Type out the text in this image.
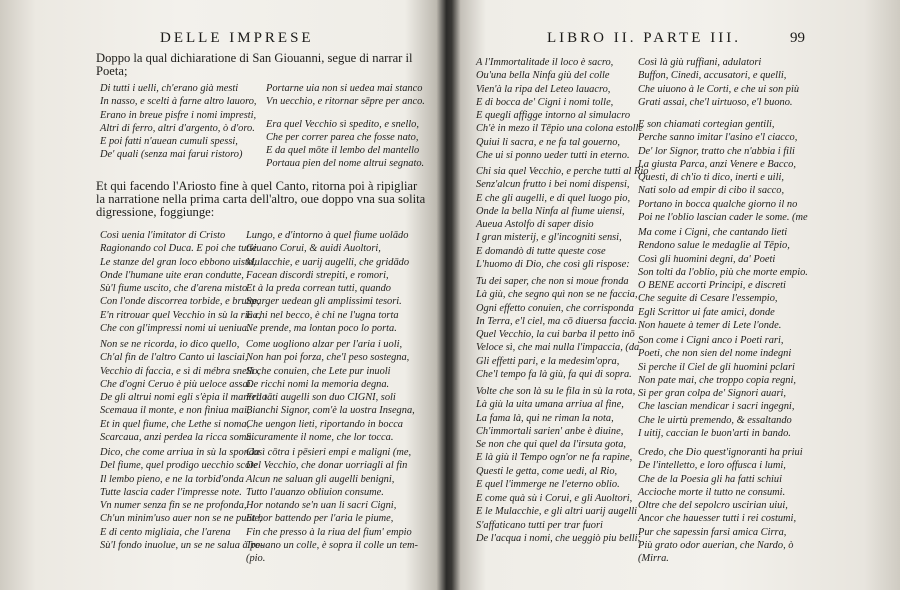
DELLE IMPRESE
Doppo la qual dichiaratione di San Giouanni, segue di narrar il Poeta;
Di tutti i uelli, ch'erano già mesti
In nasso, e scelti à farne altro lauoro,
Erano in breue pisfre i nomi impresti,
Altri di ferro, altri d'argento, ò d'oro.
E poi fatti n'auean cumuli spessi,
De' quali (senza mai farui ristoro)
Portarne uia non si uedea mai stanco
Vn uecchio, e ritornar sēpre per anco.
Era quel Vecchio sì spedito, e snello,
Che per correr parea che fosse nato,
E da quel mōte il lembo del mantello
Portaua pien del nome altrui segnato.
Et qui facendo l'Ariosto fine à quel Canto, ritorna poi à ripigliar la narratione nella prima carta dell'altro, oue doppo vna sua solita digressione, foggiunge:
Così uenia l'imitator di Cristo
Ragionando col Duca. E poi che tutte
Le stanze del gran loco ebbono uisto,
Onde l'humane uite eran condutte,
Sù'l fiume uscito, che d'arena misto
Con l'onde discorrea torbide, e brutte,
E'n ritrouar quel Vecchio in sù la riua,
Che con gl'impressi nomi ui ueniua.
Lungo, e d'intorno à quel fiume uolādo
Giuano Corui, & auidi Auoltori,
Mulacchie, e uarij augelli, che gridādo
Facean discordi strepiti, e romori,
Et à la preda correan tutti, quando
Sparger uedean gli amplissimi tesori.
E chi nel becco, è chi ne l'ugna torta
Ne prende, ma lontan poco lo porta.
Non se ne ricorda, io dico quello,
Ch'al fin de l'altro Canto ui lasciai,
Vecchio di faccia, e sì di mébra snello,
Che d'ogni Ceruo è più ueloce assai.
De gli altrui nomi egli s'èpia il mantello
Scemaua il monte, e non finiua mai,
Et in quel fiume, che Lethe si noma,
Scarcaua, anzi perdea la ricca soma.
Come uogliono alzar per l'aria i uoli,
Non han poi forza, che'l peso sostegna,
Sì che conuien, che Lete pur inuoli
De ricchi nomi la memoria degna.
Fra tāti augelli son duo CIGNI, soli
Bianchi Signor, com'è la uostra Insegna,
Che uengon lieti, riportando in bocca
Sicuramente il nome, che lor tocca.
Dico, che come arriua in sù la sponda
Del fiume, quel prodigo uecchio scote
Il lembo pieno, e ne la torbid'onda
Tutte lascia cader l'impresse note.
Vn numer senza fin se ne profonda,
Ch'un minim'uso auer non se ne puote,
E di cento migliaia, che l'arena
Sù'l fondo inuolue, un se ne salua à pe-
Così cōtra i pēsieri empi e maligni (me,
Del Vecchio, che donar uorriagli al fin
Alcun ne saluan gli augelli benigni,
Tutto l'auanzo obliuion consume.
Hor notando se'n uan li sacri Cigni,
Et hor battendo per l'aria le piume,
Fin che presso à la riua del fium' empio
Trouano un colle, è sopra il colle un tem-
(pio.
LIBRO II. PARTE III.	99
A l'Immortalitade il loco è sacro,
Ou'una bella Ninfa giù del colle
Vien'à la ripa del Leteo lauacro,
E di bocca de' Cigni i nomi tolle,
E quegli affigge intorno al simulacro
Ch'è in mezo il Tēpio una colona estolle
Quiui li sacra, e ne fa tal gouerno,
Che ui si ponno ueder tutti in eterno.
Chi sia quel Vecchio, e perche tutti al Rio
Senz'alcun frutto i bei nomi dispensi,
E che gli augelli, e di quel luogo pio,
Onde la bella Ninfa al fiume uiensi,
Aueua Astolfo di saper disio
I gran misterij, e gl'incogniti sensi,
E domandò di tutte queste cose
L'huomo di Dio, che così gli rispose:
Tu dei saper, che non si moue fronda
Là giù, che segno quì non se ne faccia,
Ogni effetto conuien, che corrisponda
In Terra, e'l ciel, ma cō diuersa faccia.
Quel Vecchio, la cui barba il petto inō
Veloce sì, che mai nulla l'impaccia, (da
Gli effetti pari, e la medesim'opra,
Che'l tempo fa là giù, fa qui di sopra.
Volte che son là su le fila in sù la rota,
Là giù la uita umana arriua al fine,
La fama là, qui ne riman la nota,
Ch'immortali sarien' anbe è diuine,
Se non che qui quel da l'irsuta gota,
E là giù il Tempo ogn'or ne fa rapine,
Questi le getta, come uedi, al Rio,
E quel l'immerge ne l'eterno oblio.
E come quà sù i Corui, e gli Auoltori,
E le Mulacchie, e gli altri uarij augelli
S'affaticano tutti per trar fuori
De l'acqua i nomi, che ueggiò piu belli;
Così là giù ruffiani, adulatori
Buffon, Cinedi, accusatori, e quelli,
Che uiuono à le Corti, e che ui son più
Grati assai, che'l uirtuoso, e'l buono.
E son chiamati cortegian gentili,
Perche sanno imitar l'asino e'l ciacco,
De' lor Signor, tratto che n'abbia i fili
La giusta Parca, anzi Venere e Bacco,
Questi, di ch'io ti dico, inerti e uili,
Nati solo ad empir di cibo il sacco,
Portano in bocca qualche giorno il no
Poi ne l'oblio lascian cader le some. (me
Ma come i Cigni, che cantando lieti
Rendono salue le medaglie al Tēpio,
Così gli huomini degni, da' Poeti
Son tolti da l'oblio, più che morte empio.
O BENE accorti Principi, e discreti
Che seguite di Cesare l'essempio,
Egli Scrittor ui fate amici, donde
Non hauete à temer di Lete l'onde.
Son come i Cigni anco i Poeti rari,
Poeti, che non sien del nome indegni
Sì perche il Ciel de gli huomini pclari
Non pate mai, che troppo copia regni,
Sì per gran colpa de' Signori auari,
Che lascian mendicar i sacri ingegni,
Che le uirtù premendo, & essaltando
I uitij, caccian le buon'arti in bando.
Credo, che Dio quest'ignoranti ha priui
De l'intelletto, e loro offusca i lumi,
Che de la Poesia gli ha fatti schiui
Accioche morte il tutto ne consumi.
Oltre che del sepolcro uscirian uiui,
Ancor che hauesser tutti i rei costumi,
Pur che sapessin farsi amica Cirra,
Più grato odor auerian, che Nardo, ò
(Mirra.
